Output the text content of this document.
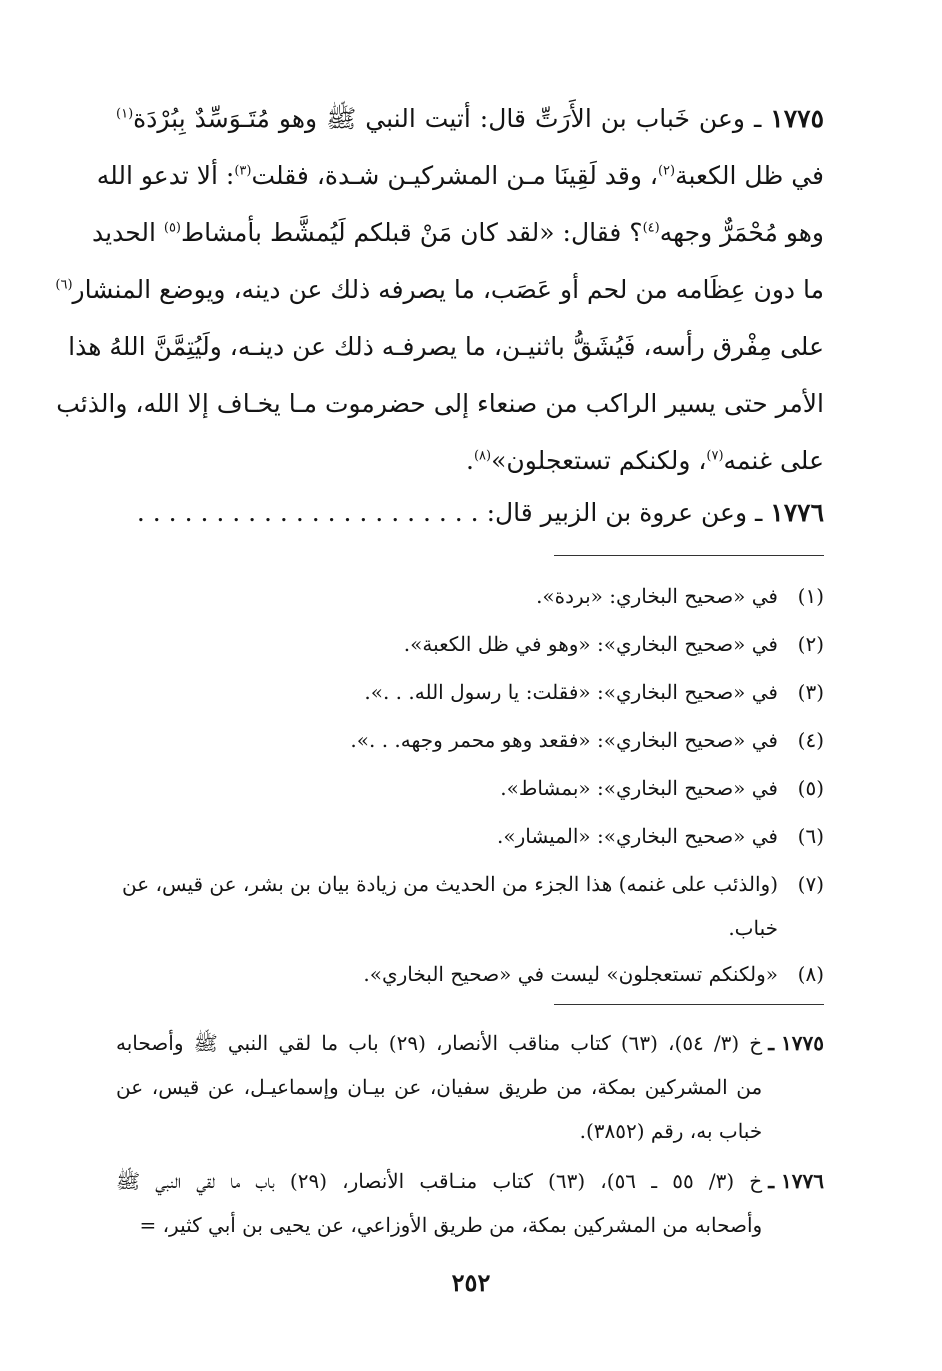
١٧٧٥ ـ وعن خَباب بن الأَرَتِّ قال: أتيت النبي ﷺ وهو مُتَـوَسِّدٌ بِبُرْدَة$^{(١)}$
في ظل الكعبة$^{(٢)}$، وقد لَقِينَا مـن المشركيـن شـدة، فقلت$^{(٣)}$: ألا تدعو الله
وهو مُحْمَرٌّ وجهه$^{(٤)}$؟ فقال: «لقد كان مَنْ قبلكم لَيُمشَّط بأمشاط$^{(٥)}$ الحديد
ما دون عِظَامه من لحم أو عَصَب، ما يصرفه ذلك عن دينه، ويوضع المنشار$^{(٦)}$
على مِفْرق رأسه، فَيُشَقُّ باثنيـن، ما يصرفـه ذلك عن دينـه، ولَيُتِمَّنَّ اللهُ هذا
الأمر حتى يسير الراكب من صنعاء إلى حضرموت مـا يخـاف إلا الله، والذئب
على غنمه$^{(٧)}$، ولكنكم تستعجلون»$^{(٨)}$.
١٧٧٦ ـ وعن عروة بن الزبير قال: . . . . . . . . . . . . . . . . . . . . . .
(١)
في «صحيح البخاري: «بردة».
(٢)
في «صحيح البخاري»: «وهو في ظل الكعبة».
(٣)
في «صحيح البخاري»: «فقلت: يا رسول الله. . .».
(٤)
في «صحيح البخاري»: «فقعد وهو محمر وجهه. . .».
(٥)
في «صحيح البخاري»: «بمشاط».
(٦)
في «صحيح البخاري»: «الميشار».
(٧)
(والذئب على غنمه) هذا الجزء من الحديث من زيادة بيان بن بشر، عن قيس، عن خباب.
(٨)
«ولكنكم تستعجلون» ليست في «صحيح البخاري».
١٧٧٥ ـ
خ (٣/ ٥٤)، (٦٣) كتاب مناقب الأنصار، (٢٩) باب ما لقي النبي ﷺ وأصحابه
من المشركين بمكة، من طريق سفيان، عن بيـان وإسماعيـل، عن قيس، عن
خباب به، رقم (٣٨٥٢).
١٧٧٦ ـ
خ (٣/ ٥٥ ـ ٥٦)، (٦٣) كتاب منـاقب الأنصار، (٢٩) باب ما لقي النبي ﷺ
وأصحابه من المشركين بمكة، من طريق الأوزاعي، عن يحيى بن أبي كثير، =
٢٥٢
